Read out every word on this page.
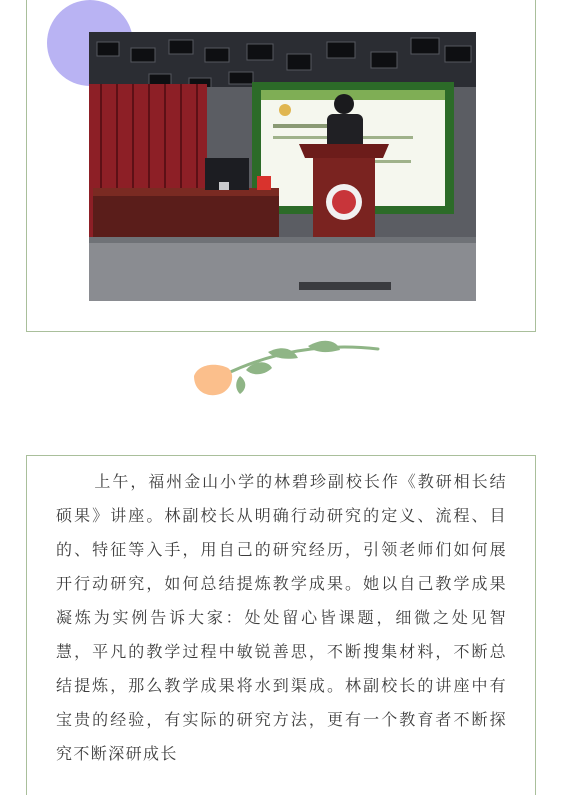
上午，福州金山小学的林碧珍副校长作《教研相长结硕果》讲座。林副校长从明确行动研究的定义、流程、目的、特征等入手，用自己的研究经历，引领老师们如何展开行动研究，如何总结提炼教学成果。她以自己教学成果凝炼为实例告诉大家：处处留心皆课题，细微之处见智慧，平凡的教学过程中敏锐善思，不断搜集材料，不断总结提炼，那么教学成果将水到渠成。林副校长的讲座中有宝贵的经验，有实际的研究方法，更有一个教育者不断探究不断深研成长
